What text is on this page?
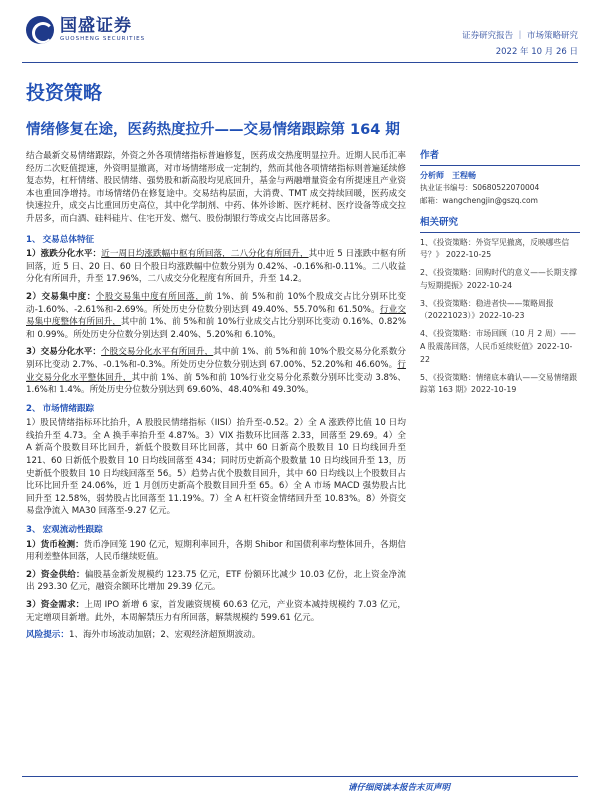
国盛证券
GUOSHENG SECURITIES	证券研究报告 ｜ 市场策略研究
2022 年 10 月 26 日
投资策略
情绪修复在途，医药热度拉升——交易情绪跟踪第 164 期

结合最新交易情绪跟踪，外资之外各项情绪指标普遍修复，医药成交热度明显拉升。近期人民币汇率经历二次贬值提速，外资明显撤离，对市场情绪形成一定制约，然而其他各项情绪指标则普遍延续修复态势，杠杆情绪、股民情绪、强势股和新高股均见底回升，基金与两融增量资金有所提速且产业资本也重回净增持。市场情绪仍在修复途中。交易结构层面，大消费、TMT 成交持续回暖，医药成交快速拉升，成交占比重回历史高位，其中化学制剂、中药、体外诊断、医疗耗材、医疗设备等成交拉升居多，而白酒、硅料硅片、住宅开发、燃气、股份制银行等成交占比回落居多。

1、 交易总体特征

1）涨跌分化水平：近一周日均涨跌幅中枢有所回落，二八分化有所回升，其中近 5 日涨跌中枢有所回落，近 5 日、20 日、60 日个股日均涨跌幅中位数分别为 0.42%、-0.16%和-0.11%。二八收益分化有所回升，升至 17.96%，二八成交分化程度有所回升，升至 14.2。

2）交易集中度：个股交易集中度有所回落，前 1%、前 5%和前 10%个股成交占比分别环比变动-1.60%、-2.61%和-2.69%。所处历史分位数分别达到 49.40%、55.70%和 61.50%。行业交易集中度整体有所回升，其中前 1%、前 5%和前 10%行业成交占比分别环比变动 0.16%、0.82%和 0.99%。所处历史分位数分别达到 2.40%、5.20%和 6.10%。

3）交易分化水平：个股交易分化水平有所回升，其中前 1%、前 5%和前 10%个股交易分化系数分别环比变动 2.7%、-0.1%和-0.3%。所处历史分位数分别达到 67.00%、52.20%和 46.60%。行业交易分化水平整体回升，其中前 1%、前 5%和前 10%行业交易分化系数分别环比变动 3.8%、1.6%和 1.4%。所处历史分位数分别达到 69.60%、48.40%和 49.30%。

2、 市场情绪跟踪

1）股民情绪指标环比抬升，A 股股民情绪指标（IISI）抬升至-0.52。2）全 A 涨跌停比值 10 日均线抬升至 4.73。全 A 换手率抬升至 4.87%。3）VIX 指数环比回落 2.33，回落至 29.69。4）全 A 新高个股数目环比回升，新低个股数目环比回落，其中 60 日新高个股数目 10 日均线回升至 121、60 日新低个股数目 10 日均线回落至 434；同时历史新高个股数量 10 日均线回升至 13，历史新低个股数目 10 日均线回落至 56。5）趋势占优个股数目回升，其中 60 日均线以上个股数目占比环比回升至 24.06%，近 1 月创历史新高个股数目回升至 65。6）全 A 市场 MACD 强势股占比回升至 12.58%，弱势股占比回落至 11.19%。7）全 A 杠杆资金情绪回升至 10.83%。8）外资交易盘净流入 MA30 回落至-9.27 亿元。

3、 宏观流动性跟踪

1）货币检测：货币净回笼 190 亿元，短期利率回升，各期 Shibor 和国债利率均整体回升，各期信用利差整体回落，人民币继续贬值。

2）资金供给：偏股基金新发规模约 123.75 亿元，ETF 份额环比减少 10.03 亿份，北上资金净流出 293.30 亿元，融资余额环比增加 29.39 亿元。

3）资金需求：上周 IPO 新增 6 家，首发融资规模 60.63 亿元，产业资本减持规模约 7.03 亿元，无定增项目新增。此外，本周解禁压力有所回落，解禁规模约 599.61 亿元。

风险提示：1、海外市场波动加剧；2、宏观经济超预期波动。

作者
分析师 王程畅
执业证书编号：S0680522070004
邮箱：wangchengjin@gszq.com
相关研究
1、《投资策略：外资罕见撤离，反映哪些信号？》 2022-10-25
2、《投资策略：回购时代的意义——长期支撑与短期提振》2022-10-24
3、《投资策略：稳进者快——策略周报（20221023）》2022-10-23
4、《投资策略：市场回顾（10 月 2 周）——A 股震荡回落，人民币延续贬值》2022-10-22
5、《投资策略：情绪底本确认——交易情绪跟踪第 163 期》2022-10-19
请仔细阅读本报告末页声明
